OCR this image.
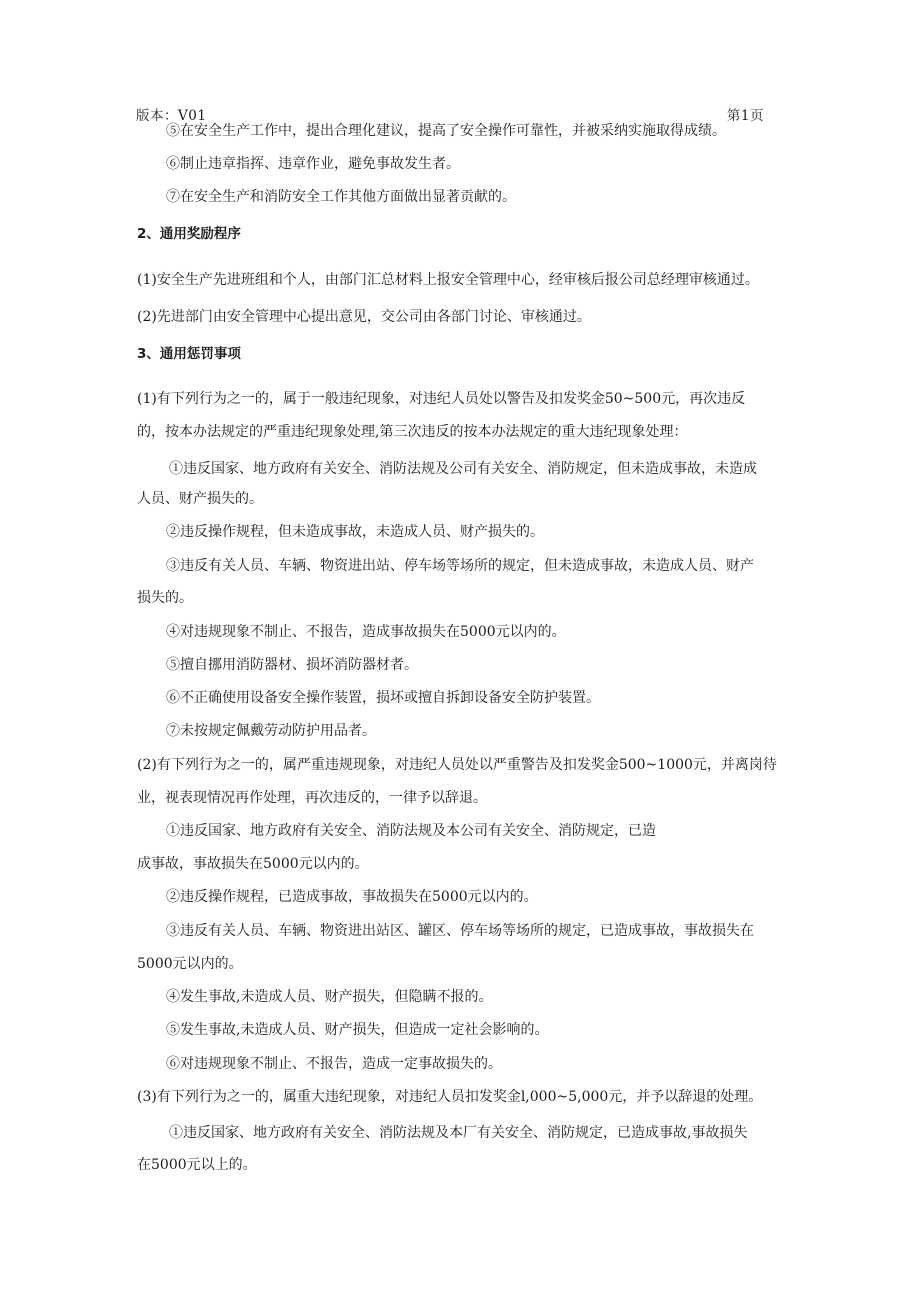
版本：V01	第1页
⑤在安全生产工作中，提出合理化建议，提高了安全操作可靠性，并被采纳实施取得成绩。
⑥制止违章指挥、违章作业，避免事故发生者。
⑦在安全生产和消防安全工作其他方面做出显著贡献的。
2、通用奖励程序
(1)安全生产先进班组和个人，由部门汇总材料上报安全管理中心，经审核后报公司总经理审核通过。
(2)先进部门由安全管理中心提出意见，交公司由各部门讨论、审核通过。
3、通用惩罚事项
(1)有下列行为之一的，属于一般违纪现象，对违纪人员处以警告及扣发奖金50~500元，再次违反
的，按本办法规定的严重违纪现象处理,第三次违反的按本办法规定的重大违纪现象处理：
①违反国家、地方政府有关安全、消防法规及公司有关安全、消防规定，但未造成事故，未造成
人员、财产损失的。
②违反操作规程，但未造成事故，未造成人员、财产损失的。
③违反有关人员、车辆、物资进出站、停车场等场所的规定，但未造成事故，未造成人员、财产
损失的。
④对违规现象不制止、不报告，造成事故损失在5000元以内的。
⑤擅自挪用消防器材、损坏消防器材者。
⑥不正确使用设备安全操作装置，损坏或擅自拆卸设备安全防护装置。
⑦未按规定佩戴劳动防护用品者。
(2)有下列行为之一的，属严重违规现象，对违纪人员处以严重警告及扣发奖金500~1000元，并离岗待
业，视表现情况再作处理，再次违反的，一律予以辞退。
①违反国家、地方政府有关安全、消防法规及本公司有关安全、消防规定，已造
成事故，事故损失在5000元以内的。
②违反操作规程，已造成事故，事故损失在5000元以内的。
③违反有关人员、车辆、物资进出站区、罐区、停车场等场所的规定，已造成事故，事故损失在
5000元以内的。
④发生事故,未造成人员、财产损失，但隐瞒不报的。
⑤发生事故,未造成人员、财产损失，但造成一定社会影响的。
⑥对违规现象不制止、不报告，造成一定事故损失的。
(3)有下列行为之一的，属重大违纪现象，对违纪人员扣发奖金l,000~5,000元，并予以辞退的处理。
①违反国家、地方政府有关安全、消防法规及本厂有关安全、消防规定，已造成事故,事故损失
在5000元以上的。
